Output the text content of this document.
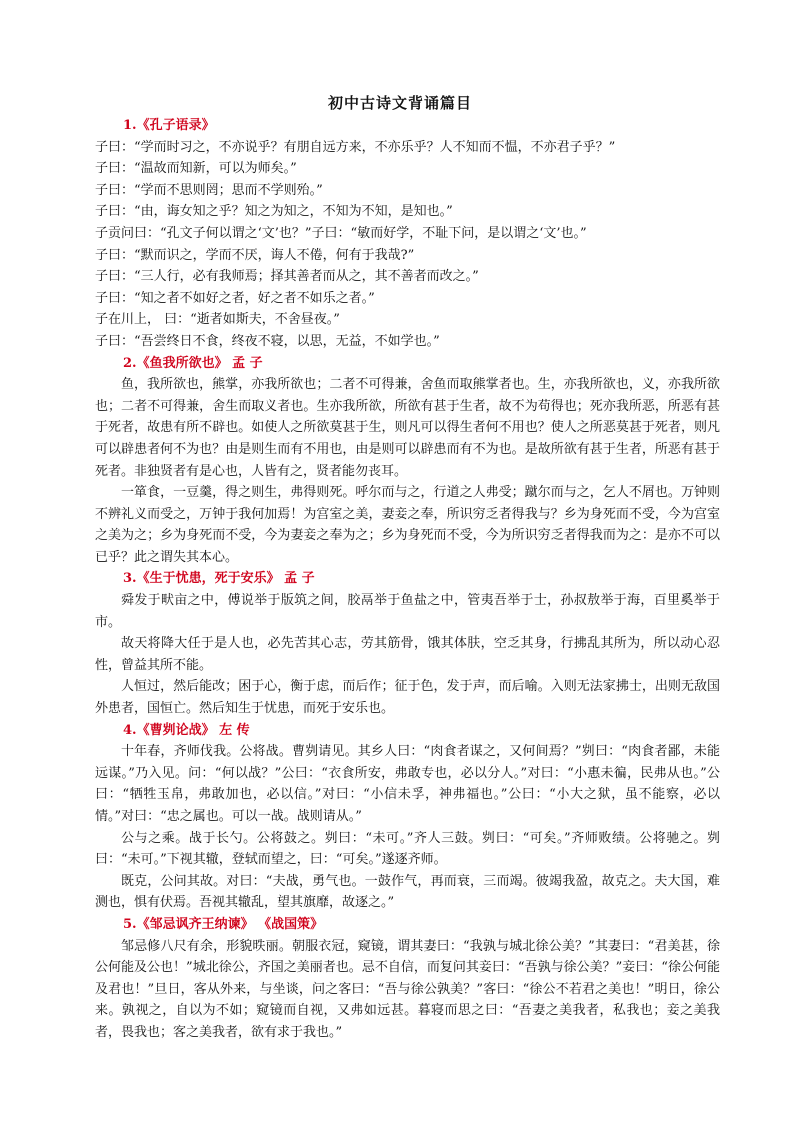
初中古诗文背诵篇目
1.《孔子语录》
子曰：“学而时习之，不亦说乎？有朋自远方来，不亦乐乎？人不知而不愠，不亦君子乎？”
子曰：“温故而知新，可以为师矣。”
子曰：“学而不思则罔；思而不学则殆。”
子曰：“由，诲女知之乎？知之为知之，不知为不知，是知也。”
子贡问曰：“孔文子何以谓之‘文’也？”子曰：“敏而好学，不耻下问，是以谓之‘文’也。”
子曰：“默而识之，学而不厌，诲人不倦，何有于我哉?”
子曰：“三人行，必有我师焉；择其善者而从之，其不善者而改之。”
子曰：“知之者不如好之者，好之者不如乐之者。”
子在川上， 曰：“逝者如斯夫，不舍昼夜。”
子曰：“吾尝终日不食，终夜不寝，以思，无益，不如学也。”
2.《鱼我所欲也》 孟 子

鱼，我所欲也，熊掌，亦我所欲也；二者不可得兼，舍鱼而取熊掌者也。生，亦我所欲也，义，亦我所欲也；二者不可得兼，舍生而取义者也。生亦我所欲，所欲有甚于生者，故不为苟得也；死亦我所恶，所恶有甚于死者，故患有所不辟也。如使人之所欲莫甚于生，则凡可以得生者何不用也？使人之所恶莫甚于死者，则凡可以辟患者何不为也？由是则生而有不用也，由是则可以辟患而有不为也。是故所欲有甚于生者，所恶有甚于死者。非独贤者有是心也，人皆有之，贤者能勿丧耳。

一箪食，一豆羹，得之则生，弗得则死。呼尔而与之，行道之人弗受；蹴尔而与之，乞人不屑也。万钟则不辨礼义而受之，万钟于我何加焉！为宫室之美，妻妾之奉，所识穷乏者得我与？乡为身死而不受，今为宫室之美为之；乡为身死而不受，今为妻妾之奉为之；乡为身死而不受，今为所识穷乏者得我而为之：是亦不可以已乎？此之谓失其本心。

3.《生于忧患，死于安乐》 孟 子

舜发于畎亩之中，傅说举于版筑之间，胶鬲举于鱼盐之中，管夷吾举于士，孙叔敖举于海，百里奚举于市。

故天将降大任于是人也，必先苦其心志，劳其筋骨，饿其体肤，空乏其身，行拂乱其所为，所以动心忍性，曾益其所不能。

人恒过，然后能改；困于心，衡于虑，而后作；征于色，发于声，而后喻。入则无法家拂士，出则无敌国外患者，国恒亡。然后知生于忧患，而死于安乐也。

4.《曹刿论战》 左 传

十年春，齐师伐我。公将战。曹刿请见。其乡人曰：“肉食者谋之，又何间焉？”刿曰：“肉食者鄙，未能远谋。”乃入见。问：“何以战？”公曰：“衣食所安，弗敢专也，必以分人。”对曰：“小惠未徧，民弗从也。”公曰：“牺牲玉帛，弗敢加也，必以信。”对曰：“小信未孚，神弗福也。”公曰：“小大之狱，虽不能察，必以情。”对曰：“忠之属也。可以一战。战则请从。”

公与之乘。战于长勺。公将鼓之。刿曰：“未可。”齐人三鼓。刿曰：“可矣。”齐师败绩。公将驰之。刿曰：“未可。”下视其辙，登轼而望之，曰：“可矣。”遂逐齐师。

既克，公问其故。对曰：“夫战，勇气也。一鼓作气，再而衰，三而竭。彼竭我盈，故克之。夫大国，难测也，惧有伏焉。吾视其辙乱，望其旗靡，故逐之。”

5.《邹忌讽齐王纳谏》 《战国策》

邹忌修八尺有余，形貌昳丽。朝服衣冠，窥镜，谓其妻曰：“我孰与城北徐公美？”其妻曰：“君美甚，徐公何能及公也！”城北徐公，齐国之美丽者也。忌不自信，而复问其妾曰：“吾孰与徐公美？”妾曰：“徐公何能及君也！”旦日，客从外来，与坐谈，问之客曰：“吾与徐公孰美？”客曰：“徐公不若君之美也！”明日，徐公来。孰视之，自以为不如；窥镜而自视，又弗如远甚。暮寝而思之曰：“吾妻之美我者，私我也；妾之美我者，畏我也；客之美我者，欲有求于我也。”
